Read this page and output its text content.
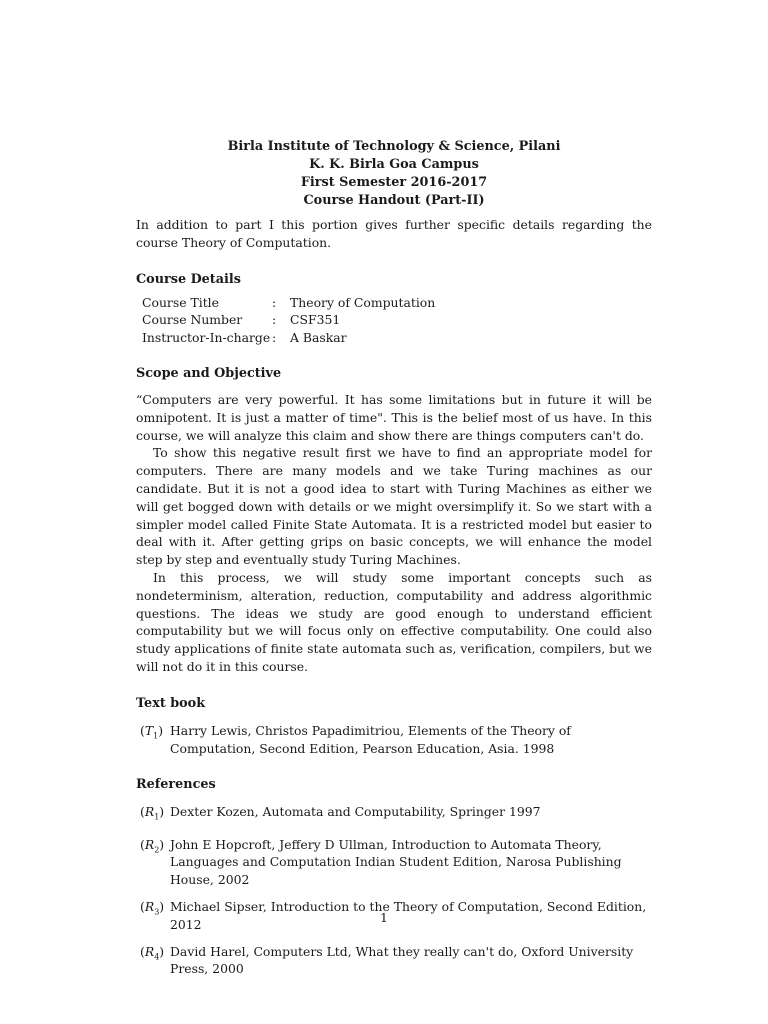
Birla Institute of Technology & Science, Pilani
K. K. Birla Goa Campus
First Semester 2016-2017
Course Handout (Part-II)

In addition to part I this portion gives further specific details regarding the course Theory of Computation.

Course Details

Course Title	:	Theory of Computation
Course Number	:	CSF351
Instructor-In-charge	:	A Baskar

Scope and Objective

“Computers are very powerful. It has some limitations but in future it will be omnipotent. It is just a matter of time". This is the belief most of us have. In this course, we will analyze this claim and show there are things computers can't do.

To show this negative result first we have to find an appropriate model for computers. There are many models and we take Turing machines as our candidate. But it is not a good idea to start with Turing Machines as either we will get bogged down with details or we might oversimplify it. So we start with a simpler model called Finite State Automata. It is a restricted model but easier to deal with it. After getting grips on basic concepts, we will enhance the model step by step and eventually study Turing Machines.

In this process, we will study some important concepts such as nondeterminism, alteration, reduction, computability and address algorithmic questions. The ideas we study are good enough to understand efficient computability but we will focus only on effective computability. One could also study applications of finite state automata such as, verification, compilers, but we will not do it in this course.

Text book

$(T_1)$ Harry Lewis, Christos Papadimitriou, Elements of the Theory of Computation, Second Edition, Pearson Education, Asia. 1998

References

$(R_1)$ Dexter Kozen, Automata and Computability, Springer 1997
$(R_2)$ John E Hopcroft, Jeffery D Ullman, Introduction to Automata Theory, Languages and Computation Indian Student Edition, Narosa Publishing House, 2002
$(R_3)$ Michael Sipser, Introduction to the Theory of Computation, Second Edition, 2012
$(R_4)$ David Harel, Computers Ltd, What they really can't do, Oxford University Press, 2000
1
